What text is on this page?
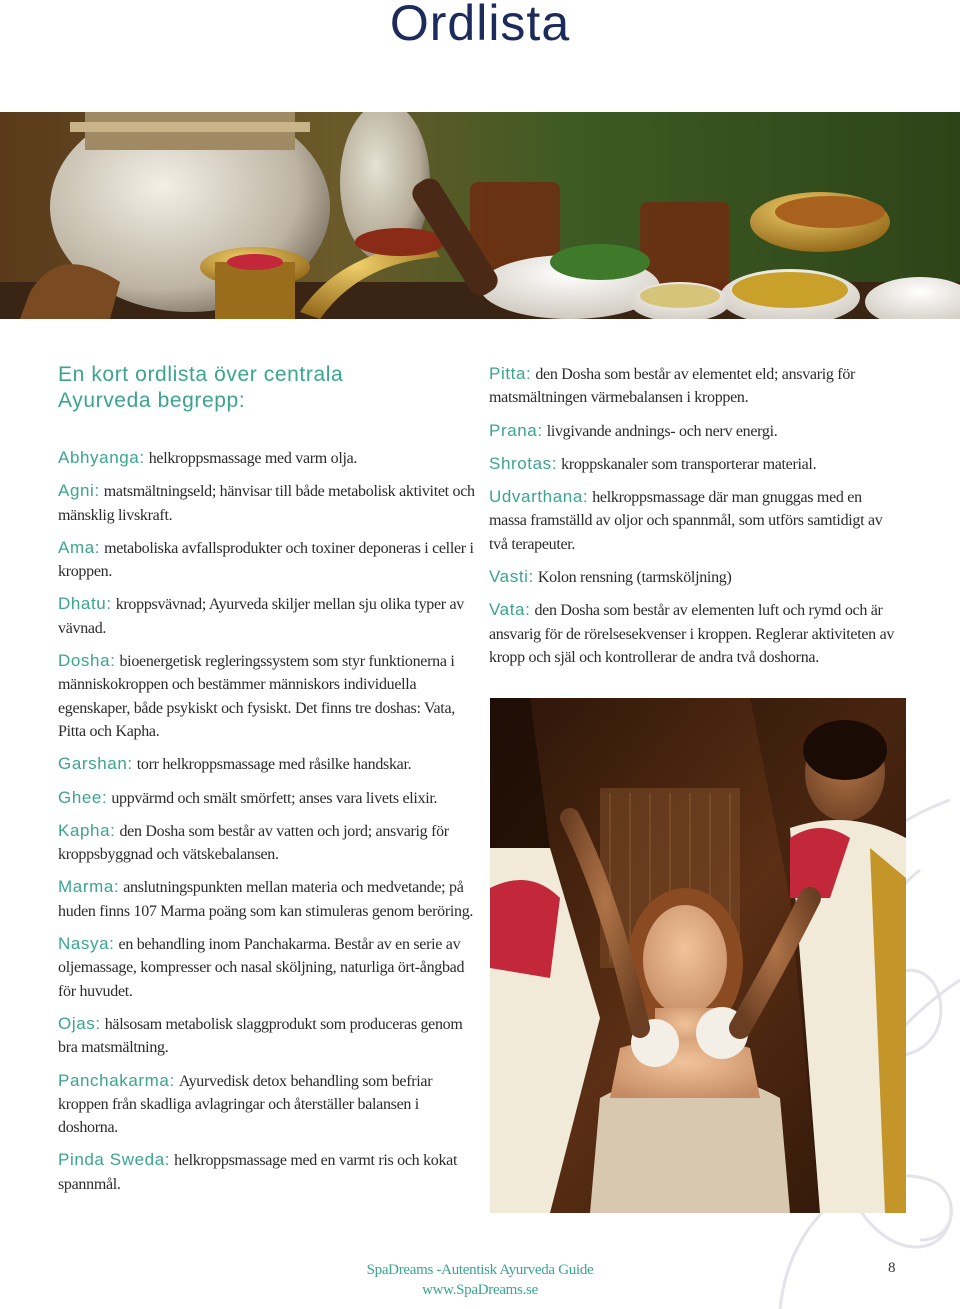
Ordlista
En kort ordlista över centrala
Ayurveda begrepp:

Abhyanga: helkroppsmassage med varm olja.

Agni: matsmältningseld; hänvisar till både metabolisk aktivitet och mänsklig livskraft.

Ama: metaboliska avfallsprodukter och toxiner deponeras i celler i kroppen.

Dhatu: kroppsvävnad; Ayurveda skiljer mellan sju olika typer av vävnad.

Dosha: bioenergetisk regleringssystem som styr funktionerna i människokroppen och bestämmer människors individuella egenskaper, både psykiskt och fysiskt. Det finns tre doshas: Vata, Pitta och Kapha.

Garshan: torr helkroppsmassage med råsilke handskar.

Ghee: uppvärmd och smält smörfett; anses vara livets elixir.

Kapha: den Dosha som består av vatten och jord; ansvarig för kroppsbyggnad och vätskebalansen.

Marma: anslutningspunkten mellan materia och medvetande; på huden finns 107 Marma poäng som kan stimuleras genom beröring.

Nasya: en behandling inom Panchakarma. Består av en serie av oljemassage, kompresser och nasal sköljning, naturliga ört-ångbad för huvudet.

Ojas: hälsosam metabolisk slaggprodukt som produceras genom bra matsmältning.

Panchakarma: Ayurvedisk detox behandling som befriar kroppen från skadliga avlagringar och återställer balansen i doshorna.

Pinda Sweda: helkroppsmassage med en varmt ris och kokat spannmål.

Pitta: den Dosha som består av elementet eld; ansvarig för matsmältningen värmebalansen i kroppen.

Prana: livgivande andnings- och nerv energi.

Shrotas: kroppskanaler som transporterar material.

Udvarthana: helkroppsmassage där man gnuggas med en massa framställd av oljor och spannmål, som utförs samtidigt av två terapeuter.

Vasti: Kolon rensning (tarmsköljning)

Vata: den Dosha som består av elementen luft och rymd och är ansvarig för de rörelsesekvenser i kroppen. Reglerar aktiviteten av kropp och själ och kontrollerar de andra två doshorna.

SpaDreams -Autentisk Ayurveda Guide
www.SpaDreams.se
8
